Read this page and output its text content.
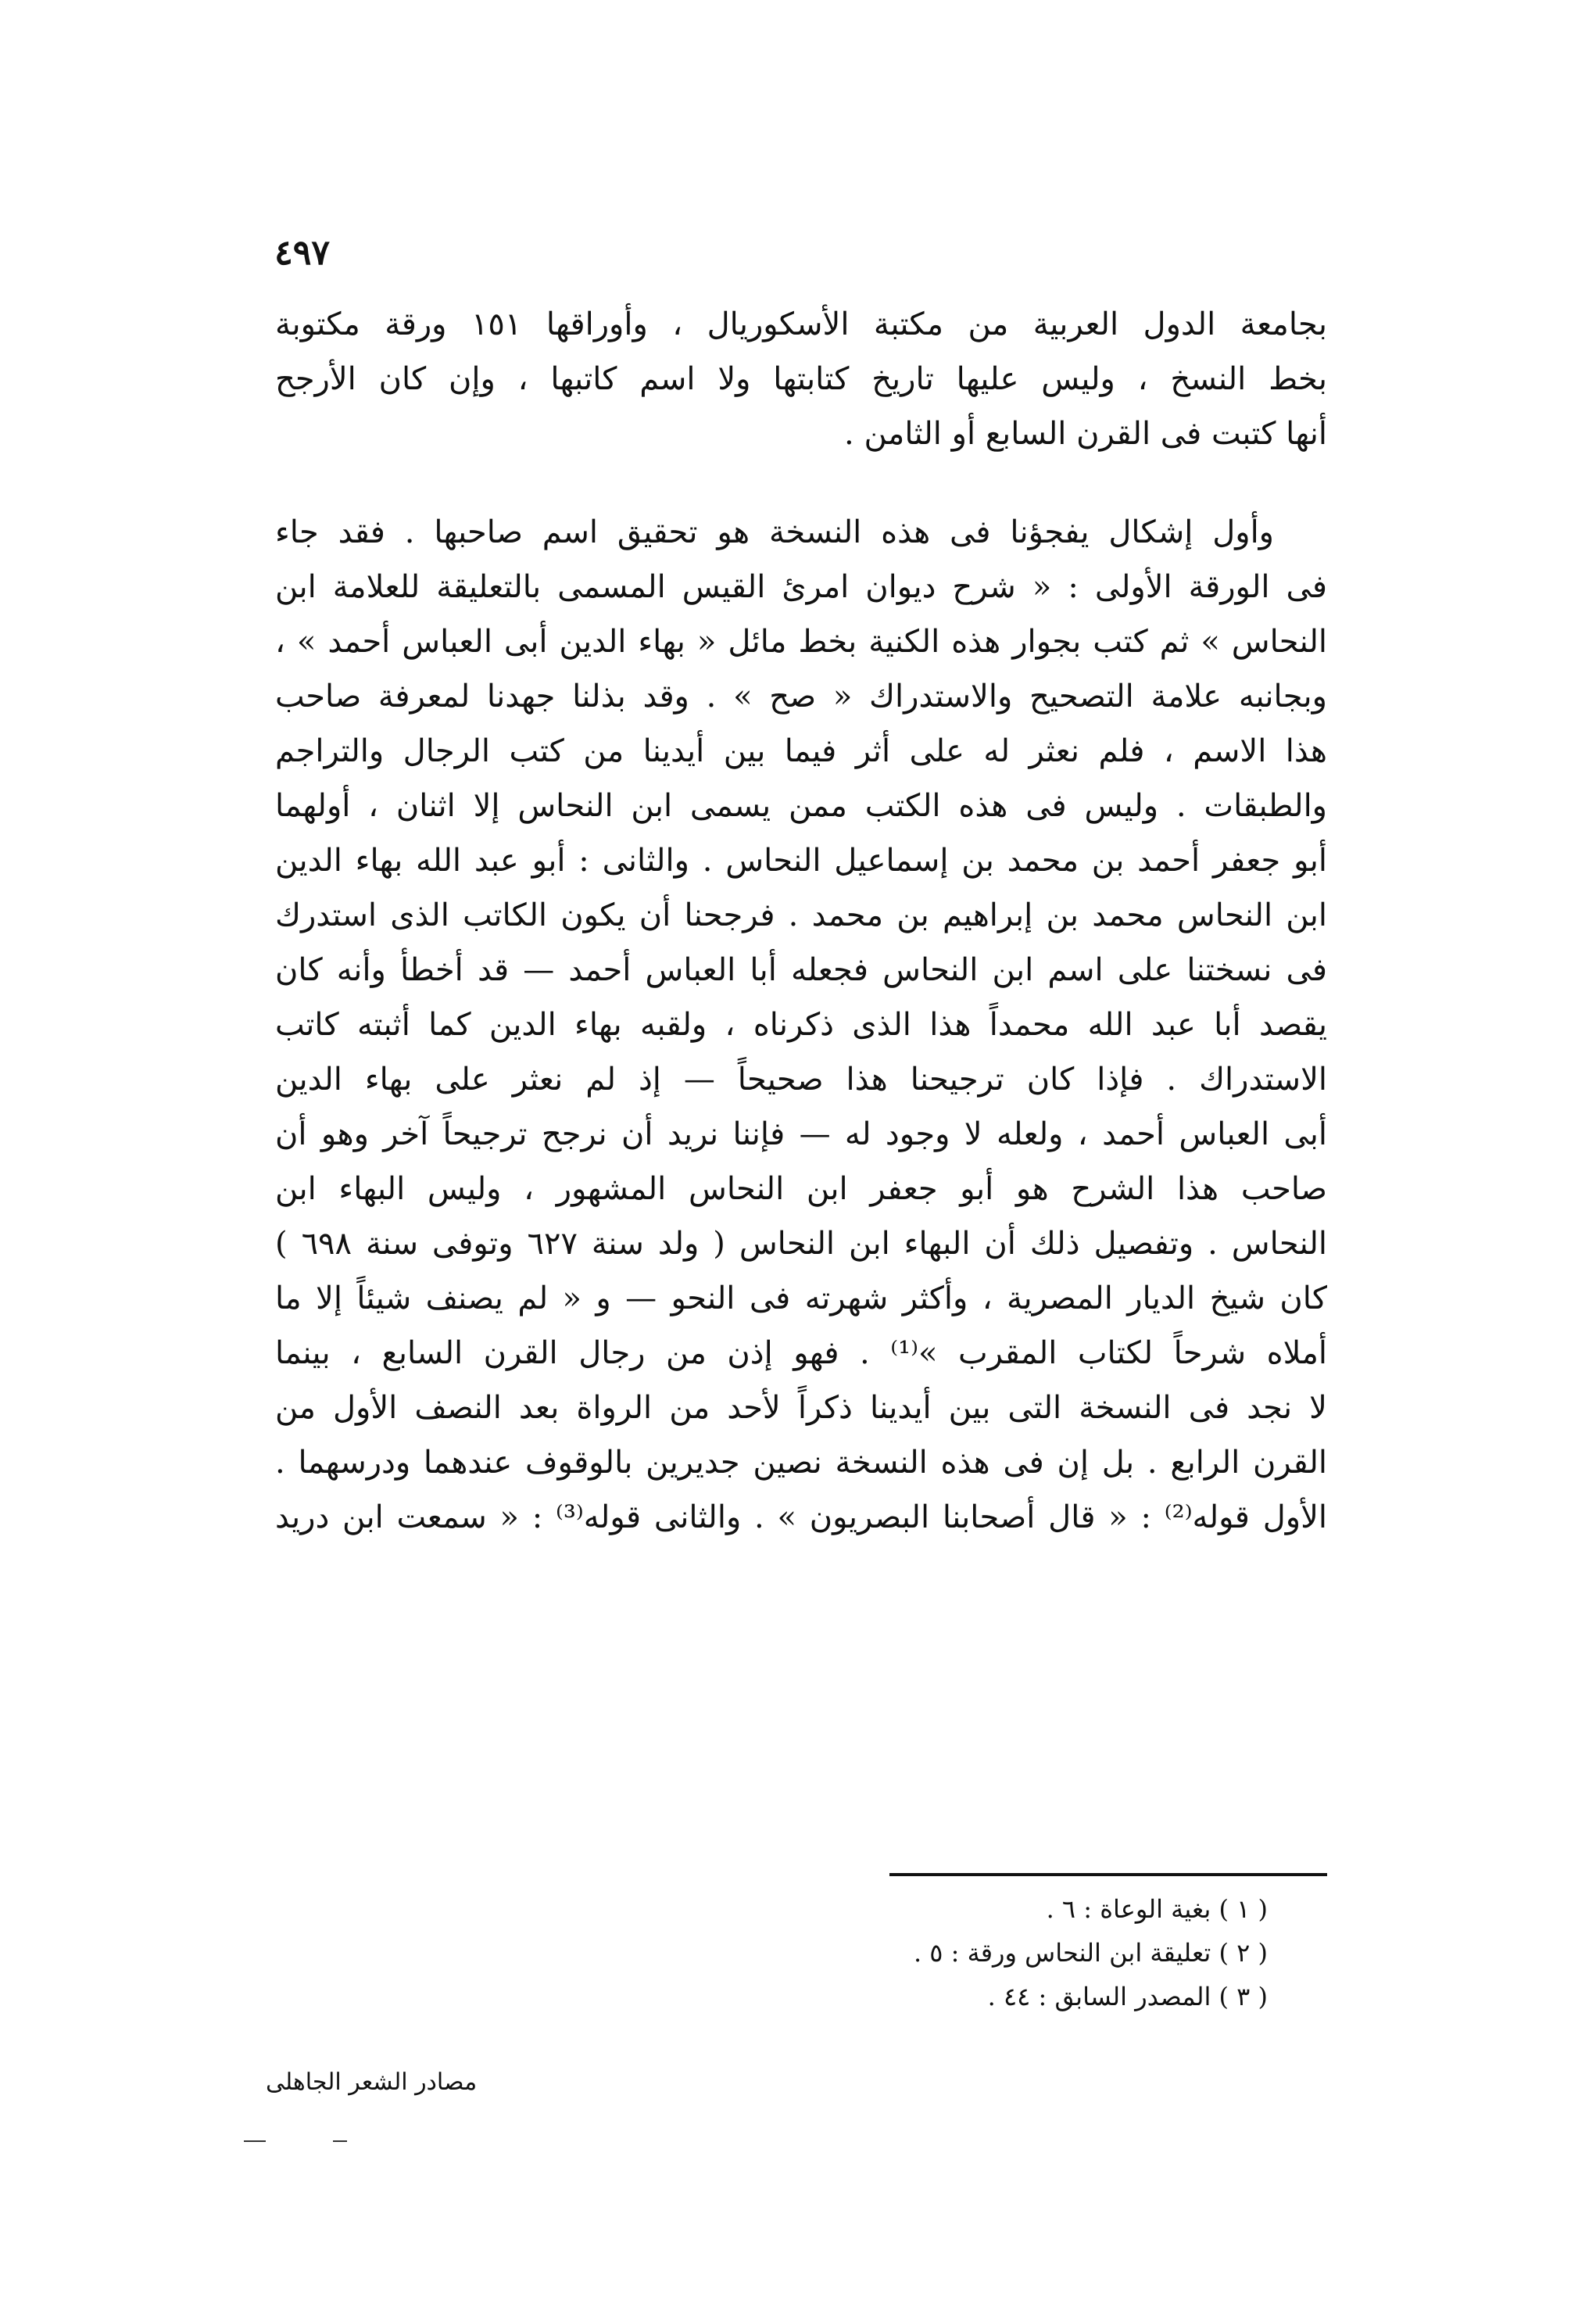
٤٩٧
بجامعة الدول العربية من مكتبة الأسكوريال ، وأوراقها ١٥١ ورقة مكتوبة
بخط النسخ ، وليس عليها تاريخ كتابتها ولا اسم كاتبها ، وإن كان الأرجح
أنها كتبت فى القرن السابع أو الثامن .
وأول إشكال يفجؤنا فى هذه النسخة هو تحقيق اسم صاحبها . فقد جاء
فى الورقة الأولى : « شرح ديوان امرئ القيس المسمى بالتعليقة للعلامة ابن
النحاس » ثم كتب بجوار هذه الكنية بخط مائل « بهاء الدين أبى العباس أحمد » ،
وبجانبه علامة التصحيح والاستدراك « صح » . وقد بذلنا جهدنا لمعرفة صاحب
هذا الاسم ، فلم نعثر له على أثر فيما بين أيدينا من كتب الرجال والتراجم
والطبقات . وليس فى هذه الكتب ممن يسمى ابن النحاس إلا اثنان ، أولهما
أبو جعفر أحمد بن محمد بن إسماعيل النحاس . والثانى : أبو عبد الله بهاء الدين
ابن النحاس محمد بن إبراهيم بن محمد . فرجحنا أن يكون الكاتب الذى استدرك
فى نسختنا على اسم ابن النحاس فجعله أبا العباس أحمد — قد أخطأ وأنه كان
يقصد أبا عبد الله محمداً هذا الذى ذكرناه ، ولقبه بهاء الدين كما أثبته كاتب
الاستدراك . فإذا كان ترجيحنا هذا صحيحاً — إذ لم نعثر على بهاء الدين
أبى العباس أحمد ، ولعله لا وجود له — فإننا نريد أن نرجح ترجيحاً آخر وهو أن
صاحب هذا الشرح هو أبو جعفر ابن النحاس المشهور ، وليس البهاء ابن
النحاس . وتفصيل ذلك أن البهاء ابن النحاس ( ولد سنة ٦٢٧ وتوفى سنة ٦٩٨ )
كان شيخ الديار المصرية ، وأكثر شهرته فى النحو — و « لم يصنف شيئاً إلا ما
أملاه شرحاً لكتاب المقرب »⁽¹⁾ . فهو إذن من رجال القرن السابع ، بينما
لا نجد فى النسخة التى بين أيدينا ذكراً لأحد من الرواة بعد النصف الأول من
القرن الرابع . بل إن فى هذه النسخة نصين جديرين بالوقوف عندهما ودرسهما .
الأول قوله⁽²⁾ : « قال أصحابنا البصريون » . والثانى قوله⁽³⁾ : « سمعت ابن دريد
( ١ ) بغية الوعاة : ٦ .
( ٢ ) تعليقة ابن النحاس ورقة : ٥ .
( ٣ ) المصدر السابق : ٤٤ .
مصادر الشعر الجاهلى
